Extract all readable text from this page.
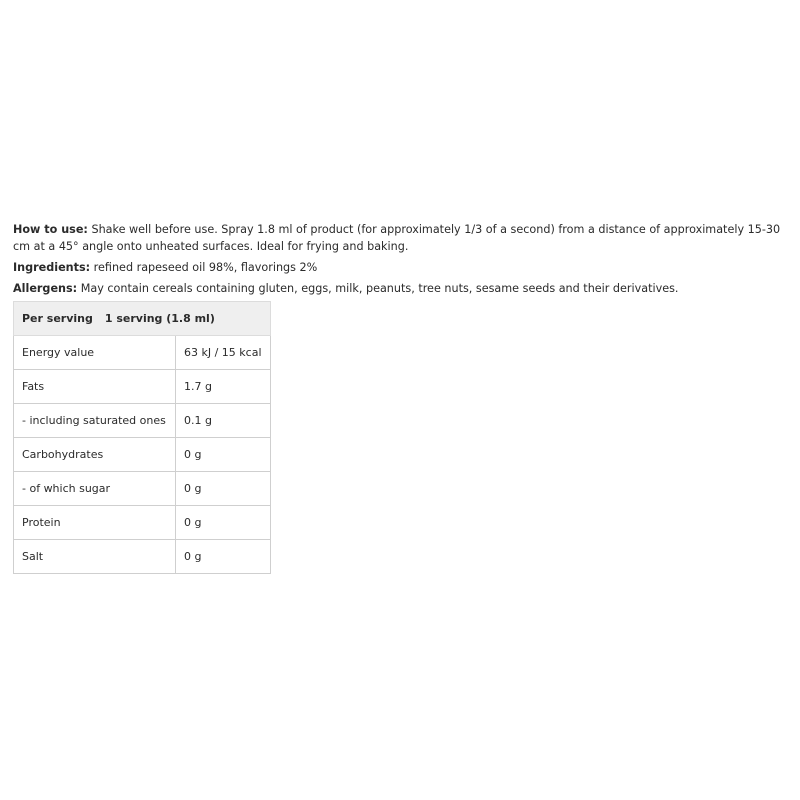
How to use: Shake well before use. Spray 1.8 ml of product (for approximately 1/3 of a second) from a distance of approximately 15-30 cm at a 45° angle onto unheated surfaces. Ideal for frying and baking.

Ingredients: refined rapeseed oil 98%, flavorings 2%

Allergens: May contain cereals containing gluten, eggs, milk, peanuts, tree nuts, sesame seeds and their derivatives.

Per serving 1 serving (1.8 ml)	
Energy value	63 kJ / 15 kcal
Fats	1.7 g
- including saturated ones	0.1 g
Carbohydrates	0 g
- of which sugar	0 g
Protein	0 g
Salt	0 g
